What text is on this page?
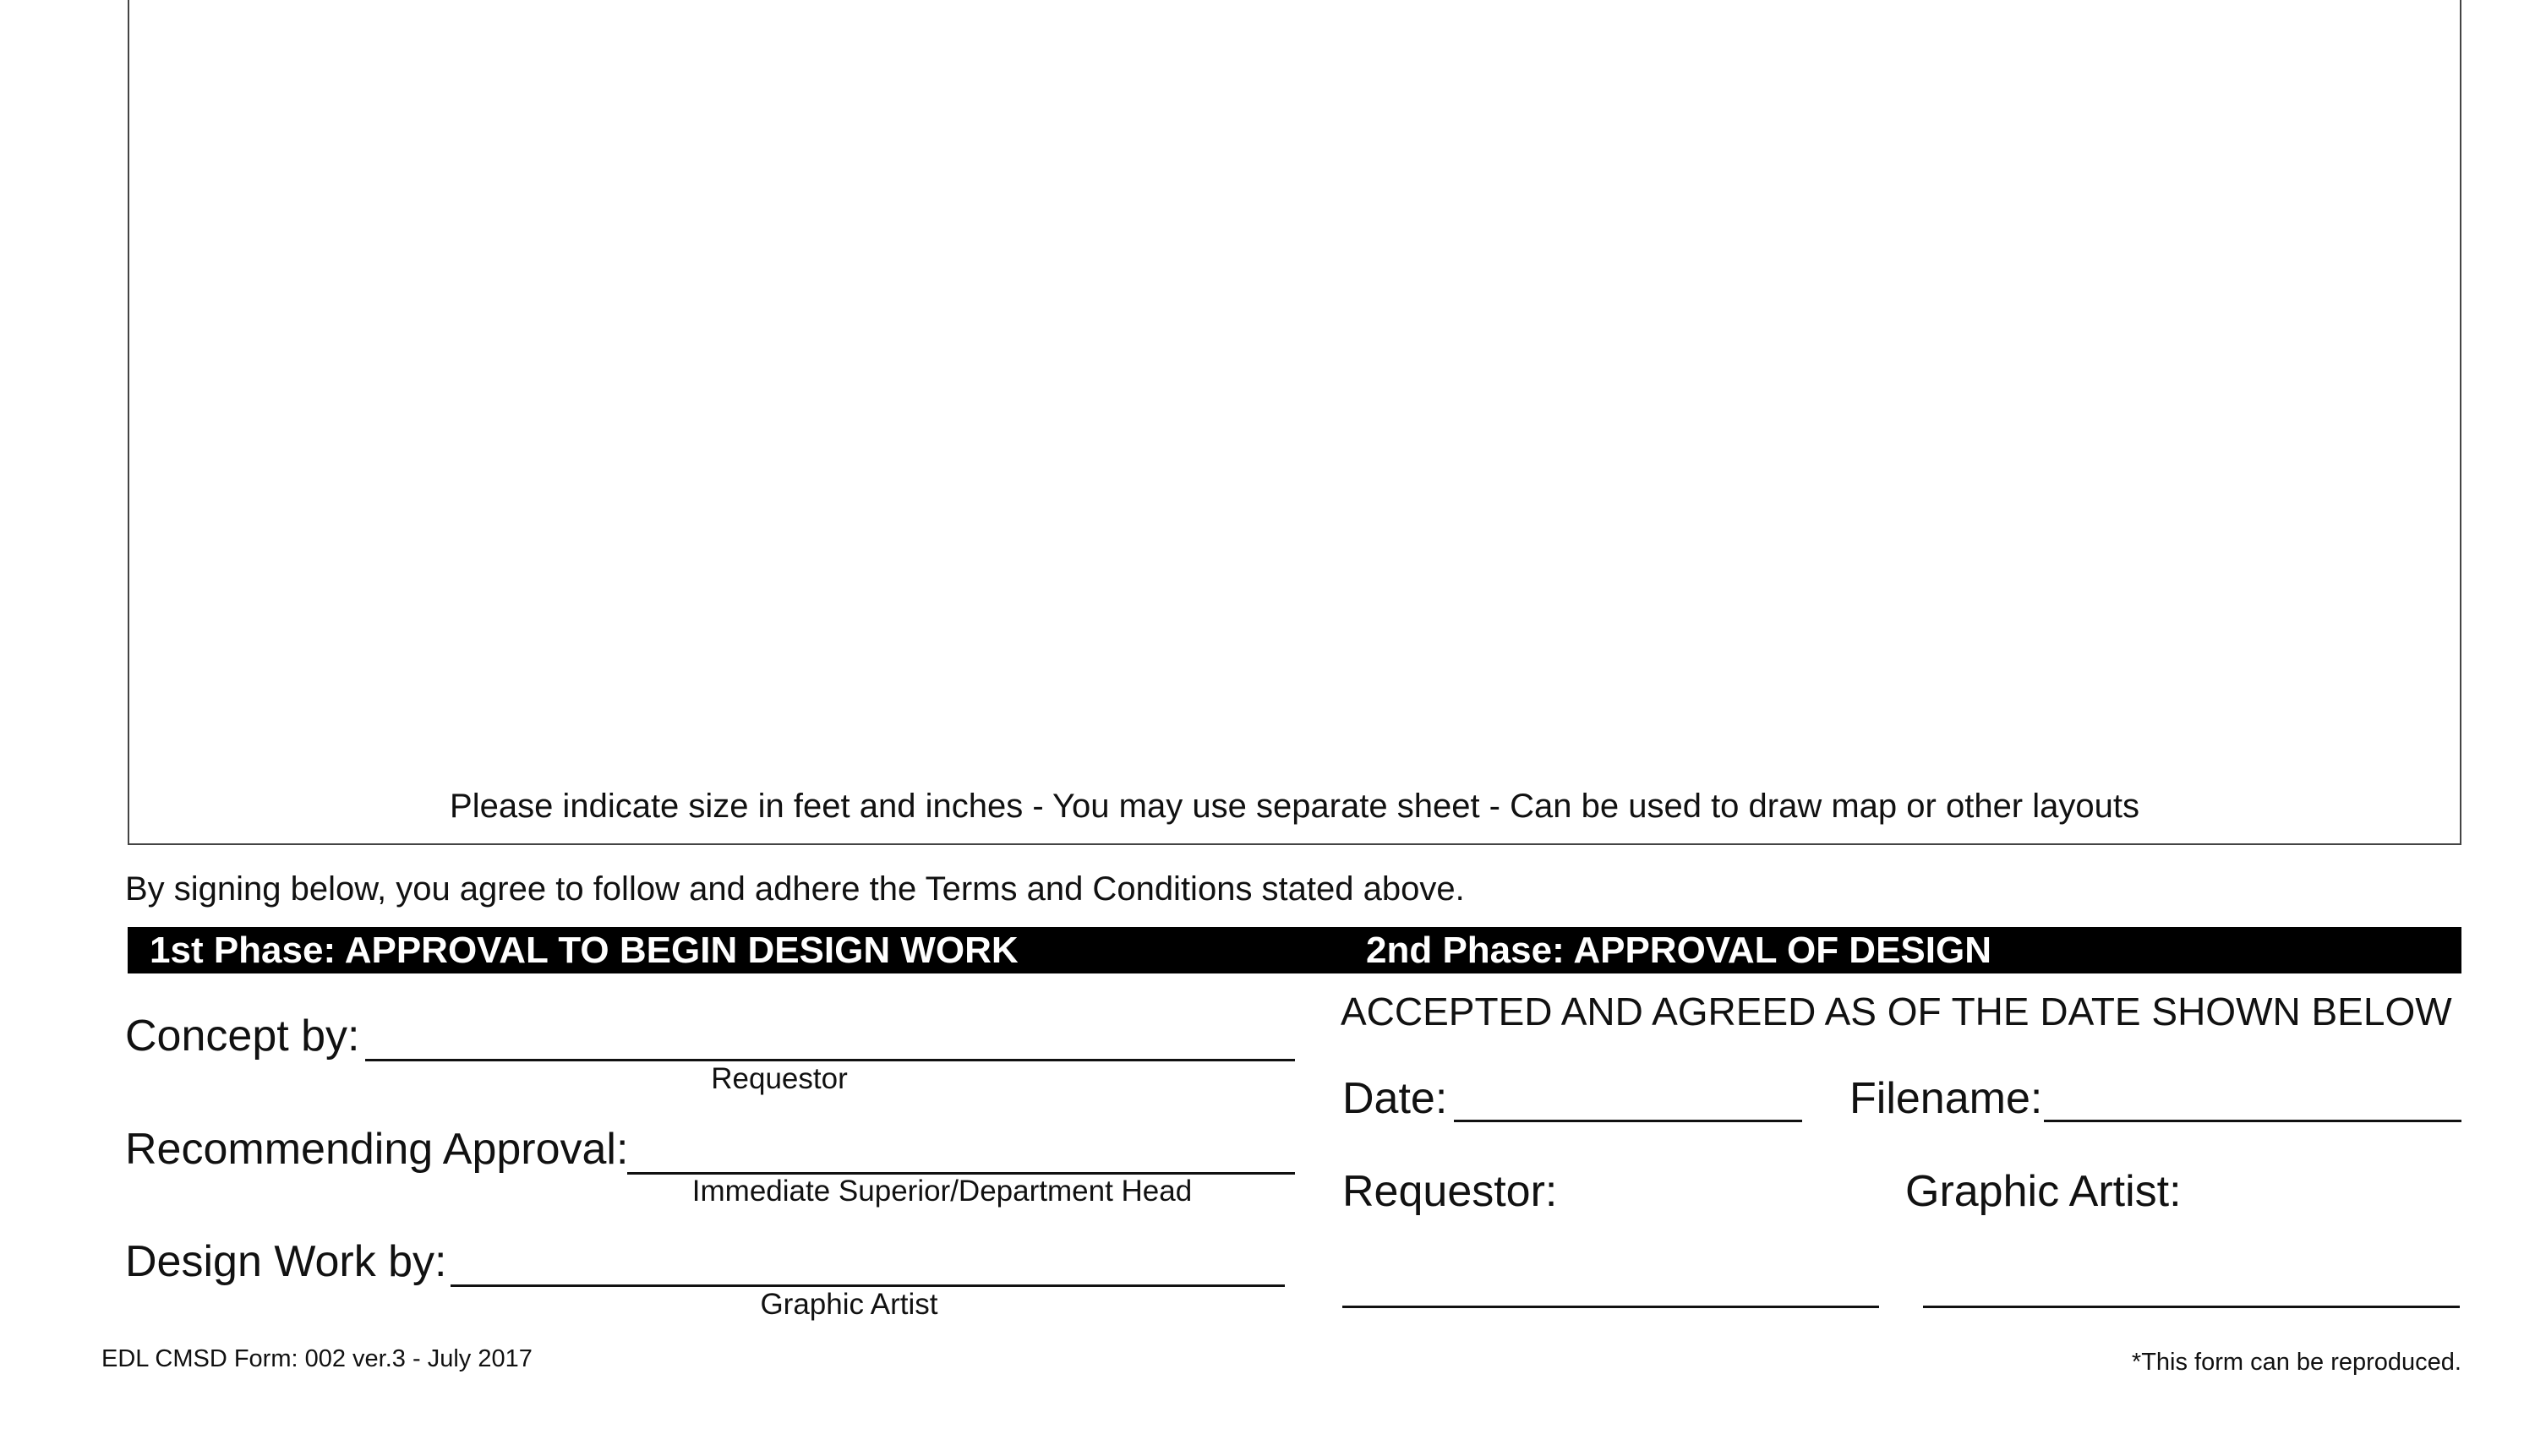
Please indicate size in feet and inches - You may use separate sheet - Can be used to draw map or other layouts
By signing below, you agree to follow and adhere the Terms and Conditions stated above.
1st Phase: APPROVAL TO BEGIN DESIGN WORK	2nd Phase: APPROVAL OF DESIGN
Concept by:
Requestor
Recommending Approval:
Immediate Superior/Department Head
Design Work by:
Graphic Artist
ACCEPTED AND AGREED AS OF THE DATE SHOWN BELOW
Date:	Filename:
Requestor:	Graphic Artist:
EDL CMSD Form: 002 ver.3 - July 2017	*This form can be reproduced.
